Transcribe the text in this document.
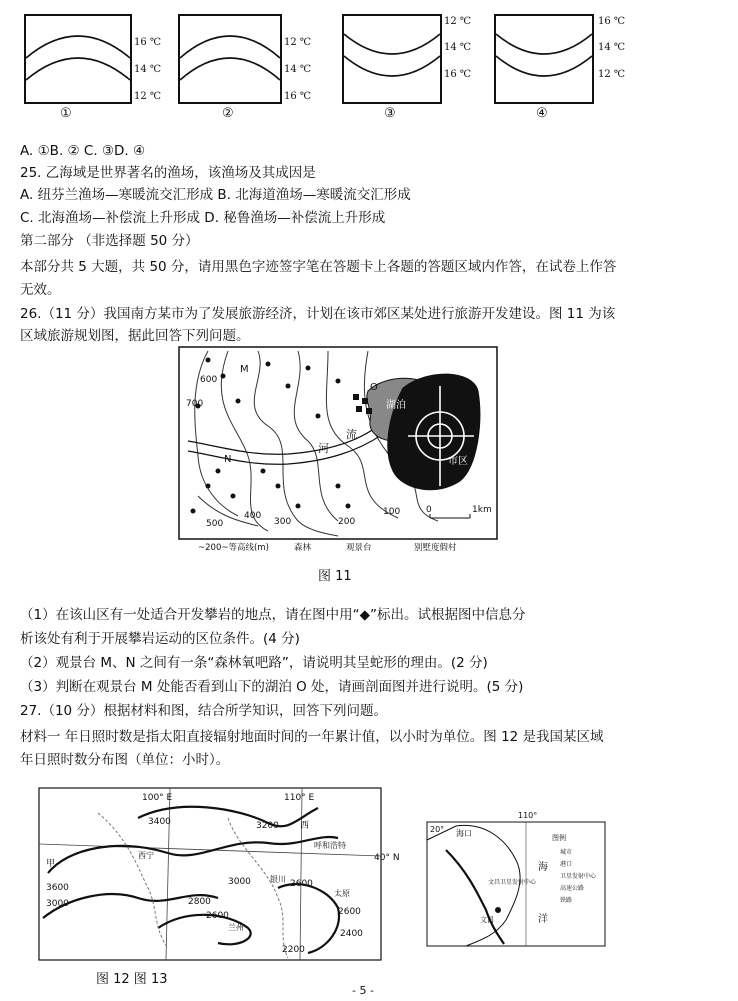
16 ℃
14 ℃
12 ℃
①
12 ℃
14 ℃
16 ℃
②
12 ℃
14 ℃
16 ℃
③
16 ℃
14 ℃
12 ℃
④
A. ①B. ② C. ③D. ④
25. 乙海域是世界著名的渔场，该渔场及其成因是
A. 纽芬兰渔场—寒暖流交汇形成 B. 北海道渔场—寒暖流交汇形成
C. 北海渔场—补偿流上升形成 D. 秘鲁渔场—补偿流上升形成
第二部分 （非选择题 50 分）
本部分共 5 大题，共 50 分，请用黑色字迹签字笔在答题卡上各题的答题区域内作答，在试卷上作答
无效。
26.（11 分）我国南方某市为了发展旅游经济，计划在该市郊区某处进行旅游开发建设。图 11 为该
区域旅游规划图，据此回答下列问题。
700
600
500
400
300	200
100
M
N
O
湖泊
市区
河
流
0	1km
~200~等高线(m)	森林	观景台	别墅度假村
图 11
（1）在该山区有一处适合开发攀岩的地点，请在图中用“◆”标出。试根据图中信息分
析该处有利于开展攀岩运动的区位条件。(4 分)
（2）观景台 M、N 之间有一条“森林氧吧路”，请说明其呈蛇形的理由。(2 分)
（3）判断在观景台 M 处能否看到山下的湖泊 O 处，请画剖面图并进行说明。(5 分)
27.（10 分）根据材料和图，结合所学知识，回答下列问题。
材料一 年日照时数是指太阳直接辐射地面时间的一年累计值，以小时为单位。图 12 是我国某区域
年日照时数分布图（单位：小时）。
100° E	110° E
40° N
3400	3200
3000
2800
2600
2400
3600
2200
3000
2600
2600
甲
西宁
兰州
太原
呼和浩特
银川
西	20°
110°
海口
文昌
文昌卫星发射中心
海
洋
图例
城市
港口
卫星发射中心
高速公路
铁路
图 12 图 13
- 5 -
